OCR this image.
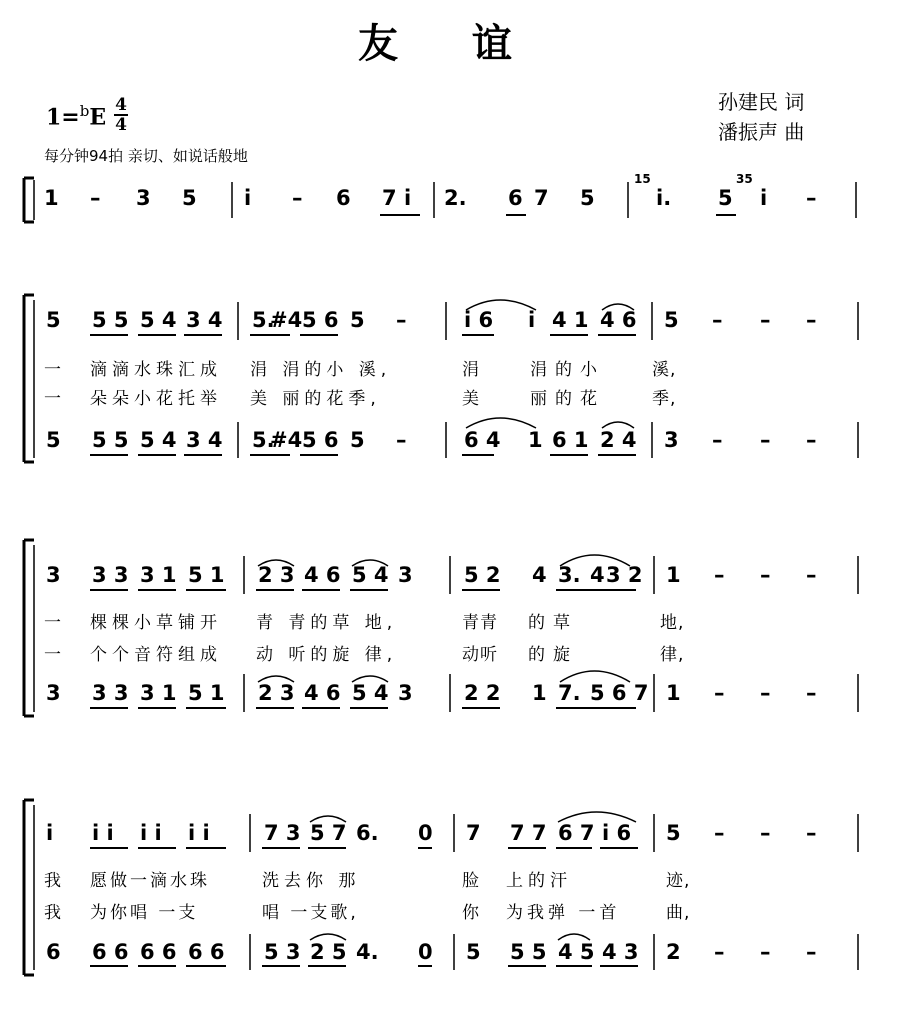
友 谊
孙建民 词
潘振声 曲
1=$^b$E 4
4
每分钟94拍 亲切、如说话般地
1 – 3 5 i – 6 7 i 2. 6 7 5
15
i. 5
35
i –
5 5 5 5 4 3 4 5.
#4 5 6 5 –	i 6 i 4 1 4 6 5 – – –
一 滴滴水珠汇成 涓 涓的小 溪,	涓	涓的小	溪,
一 朵朵小花托举 美 丽的花季,	美	丽的花	季,
5 5 5 5 4 3 4 5.
#4 5 6 5 –	6 4 1 6 1 2 4 3 – – –
3 3 3 3 1 5 1 2 3 4 6 5 4 3 5 2 4 3. 4 3 2 1 – – –
一 棵棵小草铺开 青 青的草 地,	青青 的草	地,
一 个个音符组成 动 听的旋 律,	动听 的旋	律,
3 3 3 3 1 5 1 2 3 4 6 5 4 3 2 2 1 7. 5 6 7 1 – – –
i i i i i i i	7 3 5 7 6. 0 7 7 7 6 7 i 6 5 – – –
我 愿做一滴水珠	洗去你 那	脸 上的汗	迹,
我 为你唱 一支	唱 一支歌,	你 为我弹 一首	曲,
6 6 6 6 6 6 6 5 3 2 5 4. 0 5 5 5 4 5 4 3 2 – – –
